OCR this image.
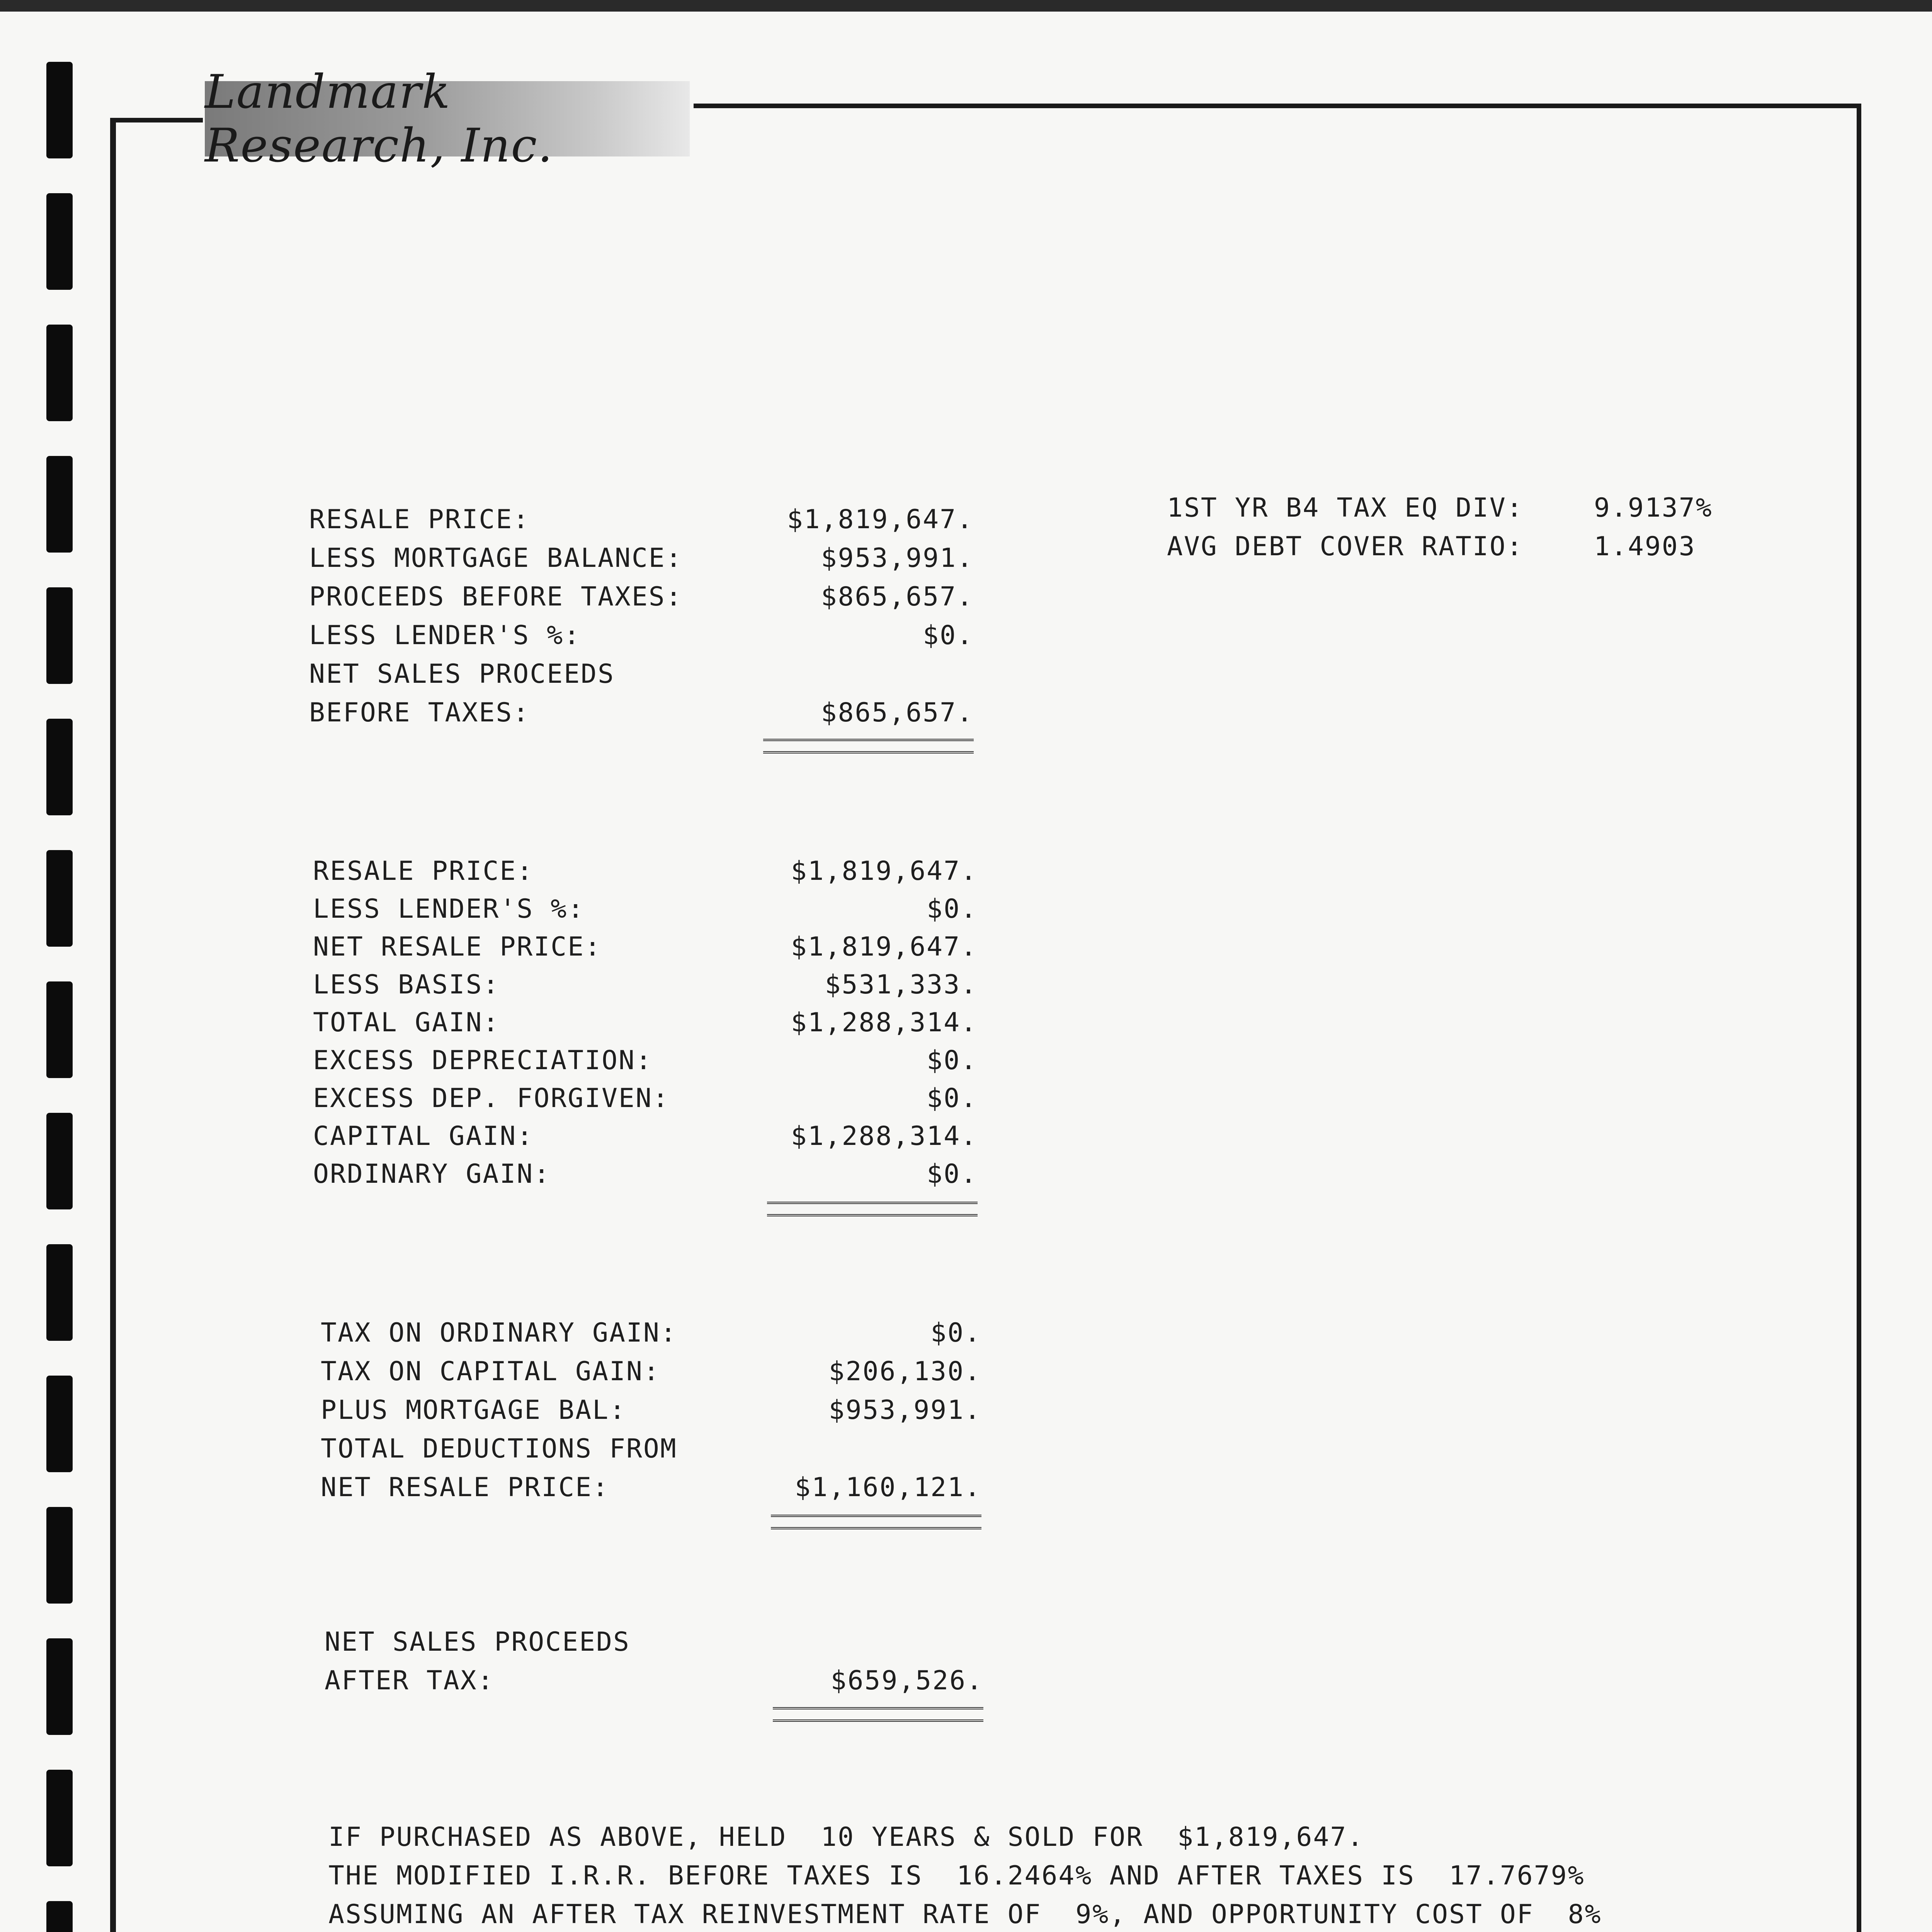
Landmark Research, Inc.
1ST YR B4 TAX EQ DIV:	9.9137%
AVG DEBT COVER RATIO:	1.4903
RESALE PRICE:	$1,819,647.
LESS MORTGAGE BALANCE:	$953,991.
PROCEEDS BEFORE TAXES:	$865,657.
LESS LENDER'S %:	$0.
NET SALES PROCEEDS
BEFORE TAXES:	$865,657.
RESALE PRICE:	$1,819,647.
LESS LENDER'S %:	$0.
NET RESALE PRICE:	$1,819,647.
LESS BASIS:	$531,333.
TOTAL GAIN:	$1,288,314.
EXCESS DEPRECIATION:	$0.
EXCESS DEP. FORGIVEN:	$0.
CAPITAL GAIN:	$1,288,314.
ORDINARY GAIN:	$0.
TAX ON ORDINARY GAIN:	$0.
TAX ON CAPITAL GAIN:	$206,130.
PLUS MORTGAGE BAL:	$953,991.
TOTAL DEDUCTIONS FROM
NET RESALE PRICE:	$1,160,121.
NET SALES PROCEEDS
AFTER TAX:	$659,526.
IF PURCHASED AS ABOVE, HELD  10 YEARS & SOLD FOR  $1,819,647.
THE MODIFIED I.R.R. BEFORE TAXES IS  16.2464% AND AFTER TAXES IS  17.7679%
ASSUMING AN AFTER TAX REINVESTMENT RATE OF  9%, AND OPPORTUNITY COST OF  8%
